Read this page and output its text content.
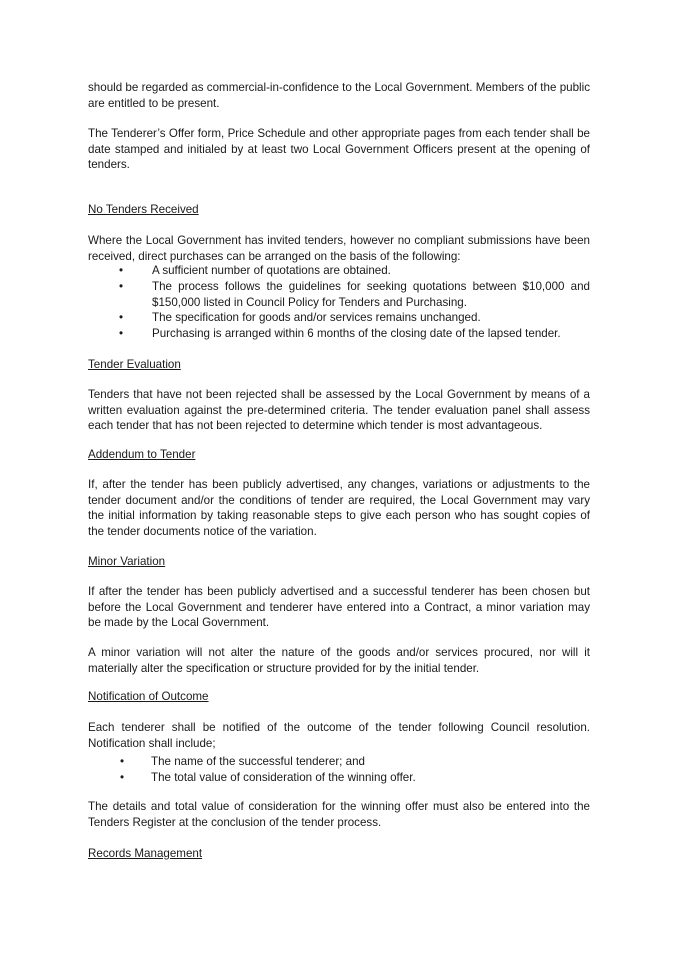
should be regarded as commercial-in-confidence to the Local Government. Members of the public are entitled to be present.

The Tenderer’s Offer form, Price Schedule and other appropriate pages from each tender shall be date stamped and initialed by at least two Local Government Officers present at the opening of tenders.

No Tenders Received

Where the Local Government has invited tenders, however no compliant submissions have been received, direct purchases can be arranged on the basis of the following:

• A sufficient number of quotations are obtained.
• The process follows the guidelines for seeking quotations between $10,000 and $150,000 listed in Council Policy for Tenders and Purchasing.
• The specification for goods and/or services remains unchanged.
• Purchasing is arranged within 6 months of the closing date of the lapsed tender.

Tender Evaluation

Tenders that have not been rejected shall be assessed by the Local Government by means of a written evaluation against the pre-determined criteria. The tender evaluation panel shall assess each tender that has not been rejected to determine which tender is most advantageous.

Addendum to Tender

If, after the tender has been publicly advertised, any changes, variations or adjustments to the tender document and/or the conditions of tender are required, the Local Government may vary the initial information by taking reasonable steps to give each person who has sought copies of the tender documents notice of the variation.

Minor Variation

If after the tender has been publicly advertised and a successful tenderer has been chosen but before the Local Government and tenderer have entered into a Contract, a minor variation may be made by the Local Government.

A minor variation will not alter the nature of the goods and/or services procured, nor will it materially alter the specification or structure provided for by the initial tender.

Notification of Outcome

Each tenderer shall be notified of the outcome of the tender following Council resolution. Notification shall include;

• The name of the successful tenderer; and
• The total value of consideration of the winning offer.

The details and total value of consideration for the winning offer must also be entered into the Tenders Register at the conclusion of the tender process.

Records Management
